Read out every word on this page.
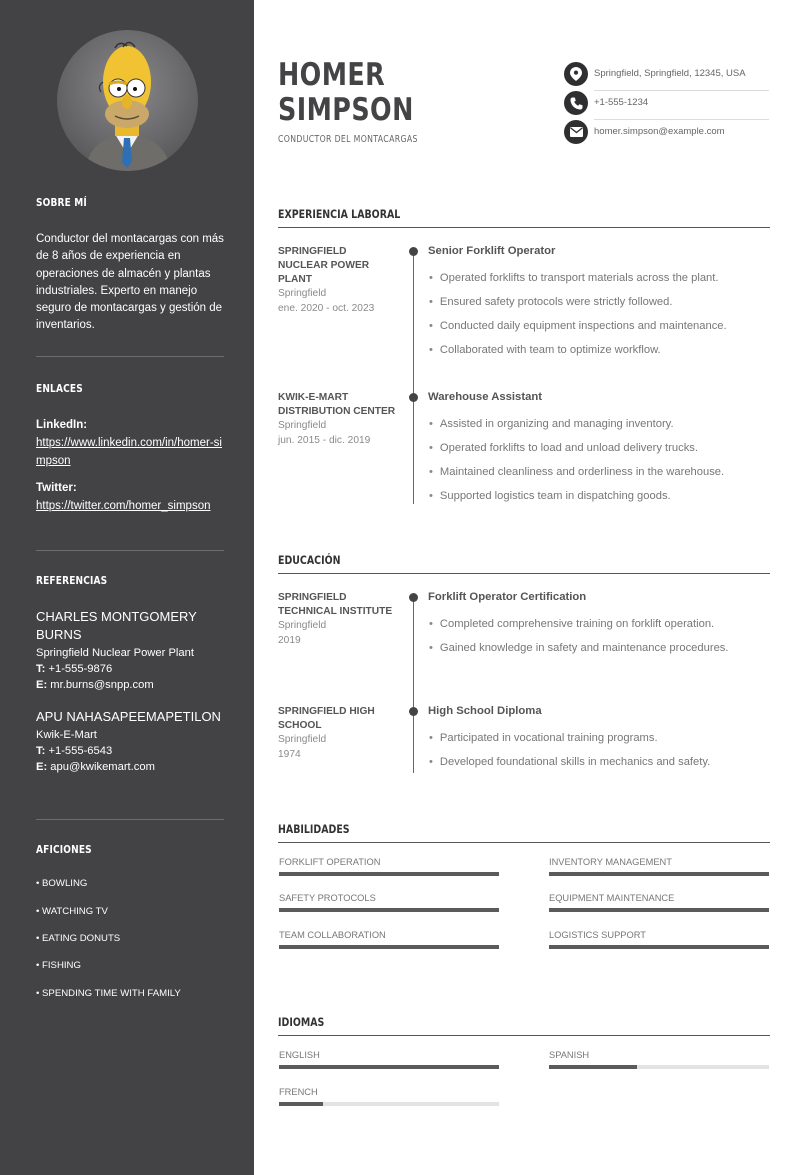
SOBRE MÍ

Conductor del montacargas con más de 8 años de experiencia en operaciones de almacén y plantas industriales. Experto en manejo seguro de montacargas y gestión de inventarios.

ENLACES

LinkedIn:
https://www.linkedin.com/in/homer-simpson
Twitter:
https://twitter.com/homer_simpson

REFERENCIAS

CHARLES MONTGOMERY BURNS
Springfield Nuclear Power Plant
T: +1-555-9876
E: mr.burns@snpp.com
APU NAHASAPEEMAPETILON
Kwik-E-Mart
T: +1-555-6543
E: apu@kwikemart.com

AFICIONES

• BOWLING
• WATCHING TV
• EATING DONUTS
• FISHING
• SPENDING TIME WITH FAMILY
HOMER
SIMPSON
CONDUCTOR DEL MONTACARGAS
Springfield, Springfield, 12345, USA
+1-555-1234
homer.simpson@example.com
EXPERIENCIA LABORAL
SPRINGFIELD NUCLEAR POWER PLANT
Springfield
ene. 2020 - oct. 2023
Senior Forklift Operator
• Operated forklifts to transport materials across the plant.
• Ensured safety protocols were strictly followed.
• Conducted daily equipment inspections and maintenance.
• Collaborated with team to optimize workflow.
KWIK-E-MART DISTRIBUTION CENTER
Springfield
jun. 2015 - dic. 2019
Warehouse Assistant
• Assisted in organizing and managing inventory.
• Operated forklifts to load and unload delivery trucks.
• Maintained cleanliness and orderliness in the warehouse.
• Supported logistics team in dispatching goods.
EDUCACIÓN
SPRINGFIELD TECHNICAL INSTITUTE
Springfield
2019
Forklift Operator Certification
• Completed comprehensive training on forklift operation.
• Gained knowledge in safety and maintenance procedures.
SPRINGFIELD HIGH SCHOOL
Springfield
1974
High School Diploma
• Participated in vocational training programs.
• Developed foundational skills in mechanics and safety.
HABILIDADES
FORKLIFT OPERATION	INVENTORY MANAGEMENT
SAFETY PROTOCOLS	EQUIPMENT MAINTENANCE
TEAM COLLABORATION	LOGISTICS SUPPORT
IDIOMAS
ENGLISH	SPANISH
FRENCH
